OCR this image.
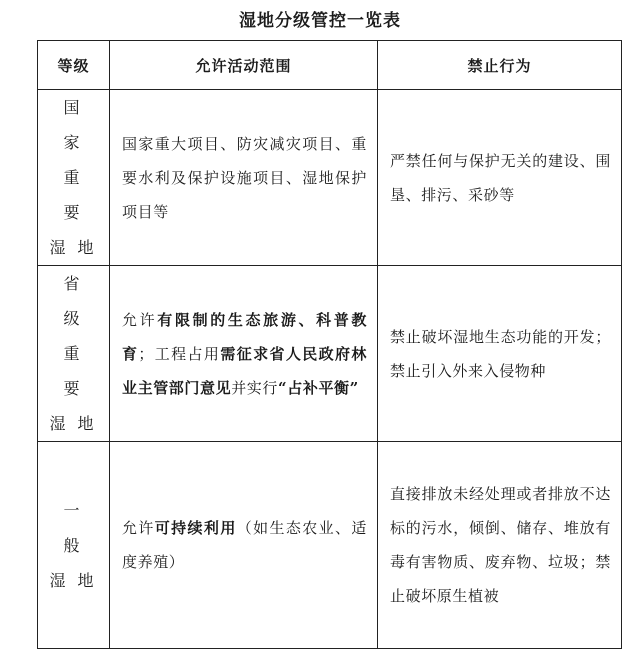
湿地分级管控一览表
等级	允许活动范围	禁止行为

国 家
重 要
湿地	国家重大项目、防灾减灾项目、重要水利及保护设施项目、湿地保护项目等	严禁任何与保护无关的建设、围垦、排污、采砂等

省 级
重 要
湿地	允许有限制的生态旅游、科普教育；工程占用需征求省人民政府林业主管部门意见并实行“占补平衡”	禁止破坏湿地生态功能的开发；禁止引入外来入侵物种

一 般
湿地	允许可持续利用（如生态农业、适度养殖）	直接排放未经处理或者排放不达标的污水，倾倒、储存、堆放有毒有害物质、废弃物、垃圾；禁止破坏原生植被
